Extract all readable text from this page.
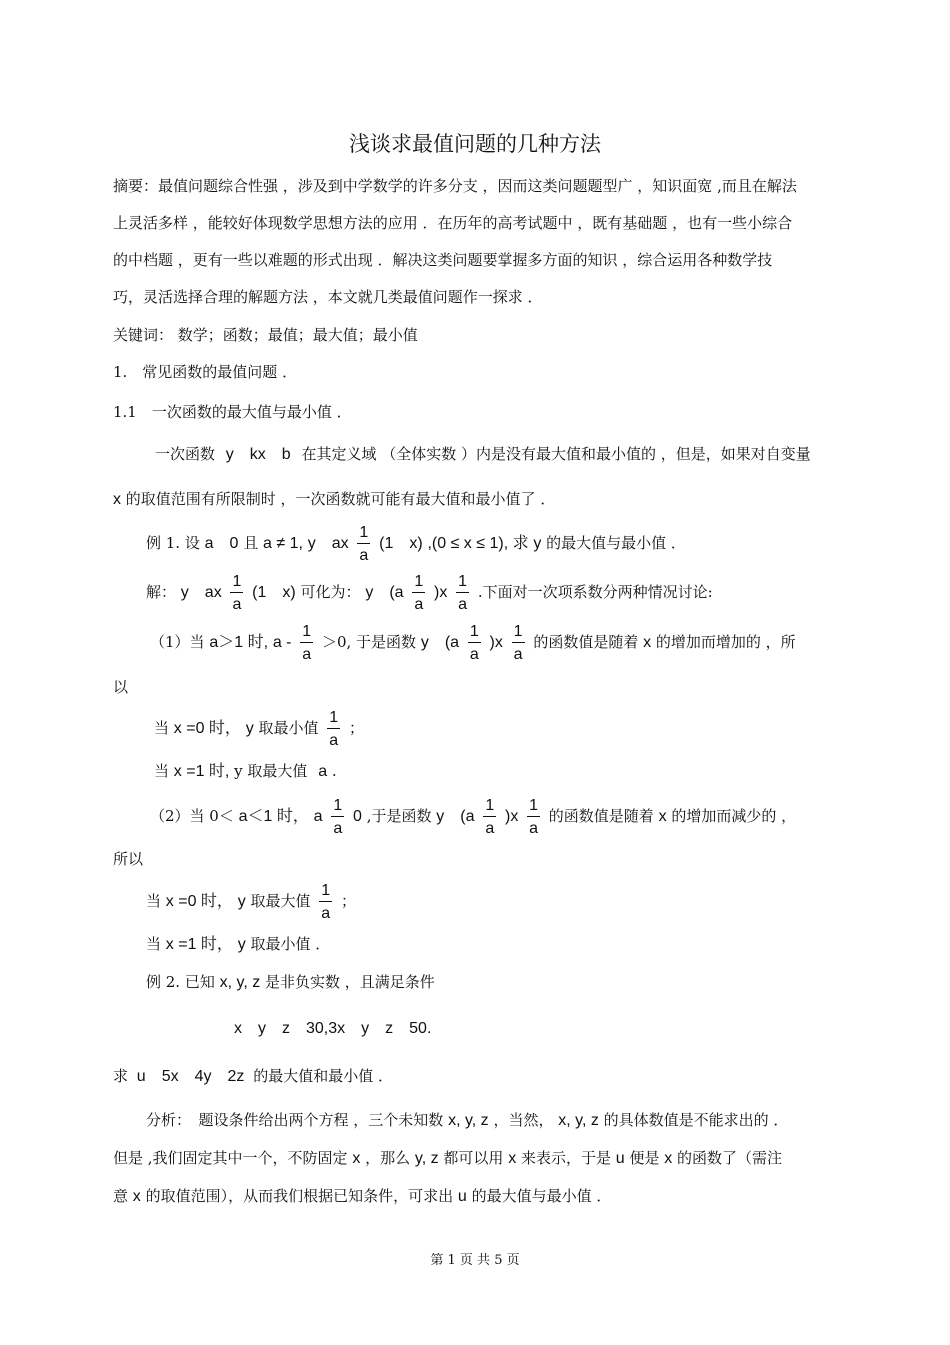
浅谈求最值问题的几种方法
摘要：最值问题综合性强 ，涉及到中学数学的许多分支 ，因而这类问题题型广 ，知识面宽 ,而且在解法
上灵活多样 ，能较好体现数学思想方法的应用 ．在历年的高考试题中 ，既有基础题 ，也有一些小综合
的中档题 ，更有一些以难题的形式出现 ．解决这类问题要掌握多方面的知识 ，综合运用各种数学技
巧，灵活选择合理的解题方法 ，本文就几类最值问题作一探求 ．
关键词： 数学；函数；最值；最大值；最小值
1.　常见函数的最值问题 ．
1.1　一次函数的最大值与最小值 ．
一次函数 y　kx　b 在其定义域 （全体实数 ）内是没有最大值和最小值的 ，但是，如果对自变量
x 的取值范围有所限制时 ，一次函数就可能有最大值和最小值了 ．
例 1. 设 a　0 且 a ≠ 1, y　ax $\frac{1}{a} (1$　x) ,(0 ≤ x ≤ 1), 求 y 的最大值与最小值 ．
解： y　ax $\frac{1}{a} (1$　x) 可化为： y　$(a \frac{1}{a} )x \frac{1}{a}$ .下面对一次项系数分两种情况讨论:
（1）当 a＞1 时, $a - \frac{1}{a} >0$, 于是函数 y　$(a \frac{1}{a} )x \frac{1}{a}$ 的函数值是随着 x 的增加而增加的 ，所
以
当 x =0 时， y 取最小值 $\frac{1}{a}$ ；
当 x =1 时, y 取最大值 a .
（2）当 0＜ a＜1 时， a $\frac{1}{a} 0$ ,于是函数 y　$(a \frac{1}{a} )x \frac{1}{a}$ 的函数值是随着 x 的增加而减少的 ，
所以
当 x =0 时， y 取最大值 $\frac{1}{a}$ ；
当 x =1 时， y 取最小值 ．
例 2. 已知 x, y, z 是非负实数 ，且满足条件
x　y　z　30,3x　y　z　50.
求 u　5x　4y　2z 的最大值和最小值 ．
分析：　题设条件给出两个方程 ，三个未知数 x, y, z ，当然， x, y, z 的具体数值是不能求出的 ．
但是 ,我们固定其中一个，不防固定 x ，那么 y, z 都可以用 x 来表示，于是 u 便是 x 的函数了（需注
意 x 的取值范围），从而我们根据已知条件，可求出 u 的最大值与最小值 ．
第 1 页 共 5 页
